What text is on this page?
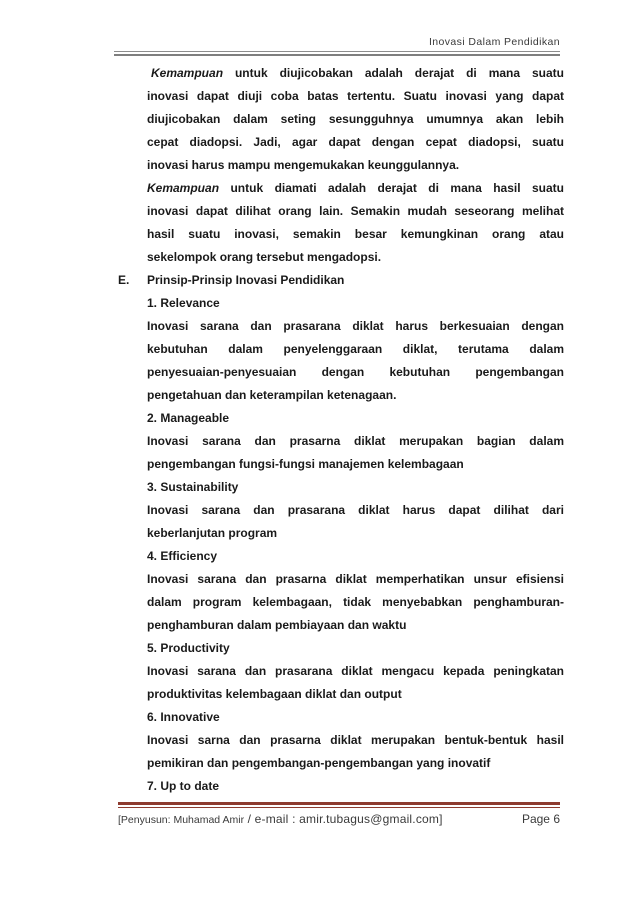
Inovasi Dalam Pendidikan
Kemampuan untuk diujicobakan adalah derajat di mana suatu
inovasi dapat diuji coba batas tertentu. Suatu inovasi yang dapat
diujicobakan dalam seting sesungguhnya umumnya akan lebih
cepat diadopsi. Jadi, agar dapat dengan cepat diadopsi, suatu
inovasi harus mampu mengemukakan keunggulannya.
Kemampuan untuk diamati adalah derajat di mana hasil suatu
inovasi dapat dilihat orang lain. Semakin mudah seseorang melihat
hasil suatu inovasi, semakin besar kemungkinan orang atau
sekelompok orang tersebut mengadopsi.
E. Prinsip-Prinsip Inovasi Pendidikan
1. Relevance
Inovasi sarana dan prasarana diklat harus berkesuaian dengan
kebutuhan dalam penyelenggaraan diklat, terutama dalam
penyesuaian-penyesuaian dengan kebutuhan pengembangan
pengetahuan dan keterampilan ketenagaan.
2. Manageable
Inovasi sarana dan prasarna diklat merupakan bagian dalam
pengembangan fungsi-fungsi manajemen kelembagaan
3. Sustainability
Inovasi sarana dan prasarana diklat harus dapat dilihat dari
keberlanjutan program
4. Efficiency
Inovasi sarana dan prasarna diklat memperhatikan unsur efisiensi
dalam program kelembagaan, tidak menyebabkan penghamburan-
penghamburan dalam pembiayaan dan waktu
5. Productivity
Inovasi sarana dan prasarana diklat mengacu kepada peningkatan
produktivitas kelembagaan diklat dan output
6. Innovative
Inovasi sarna dan prasarna diklat merupakan bentuk-bentuk hasil
pemikiran dan pengembangan-pengembangan yang inovatif
7. Up to date
[Penyusun: Muhamad Amir / e-mail : amir.tubagus@gmail.com]	Page 6
